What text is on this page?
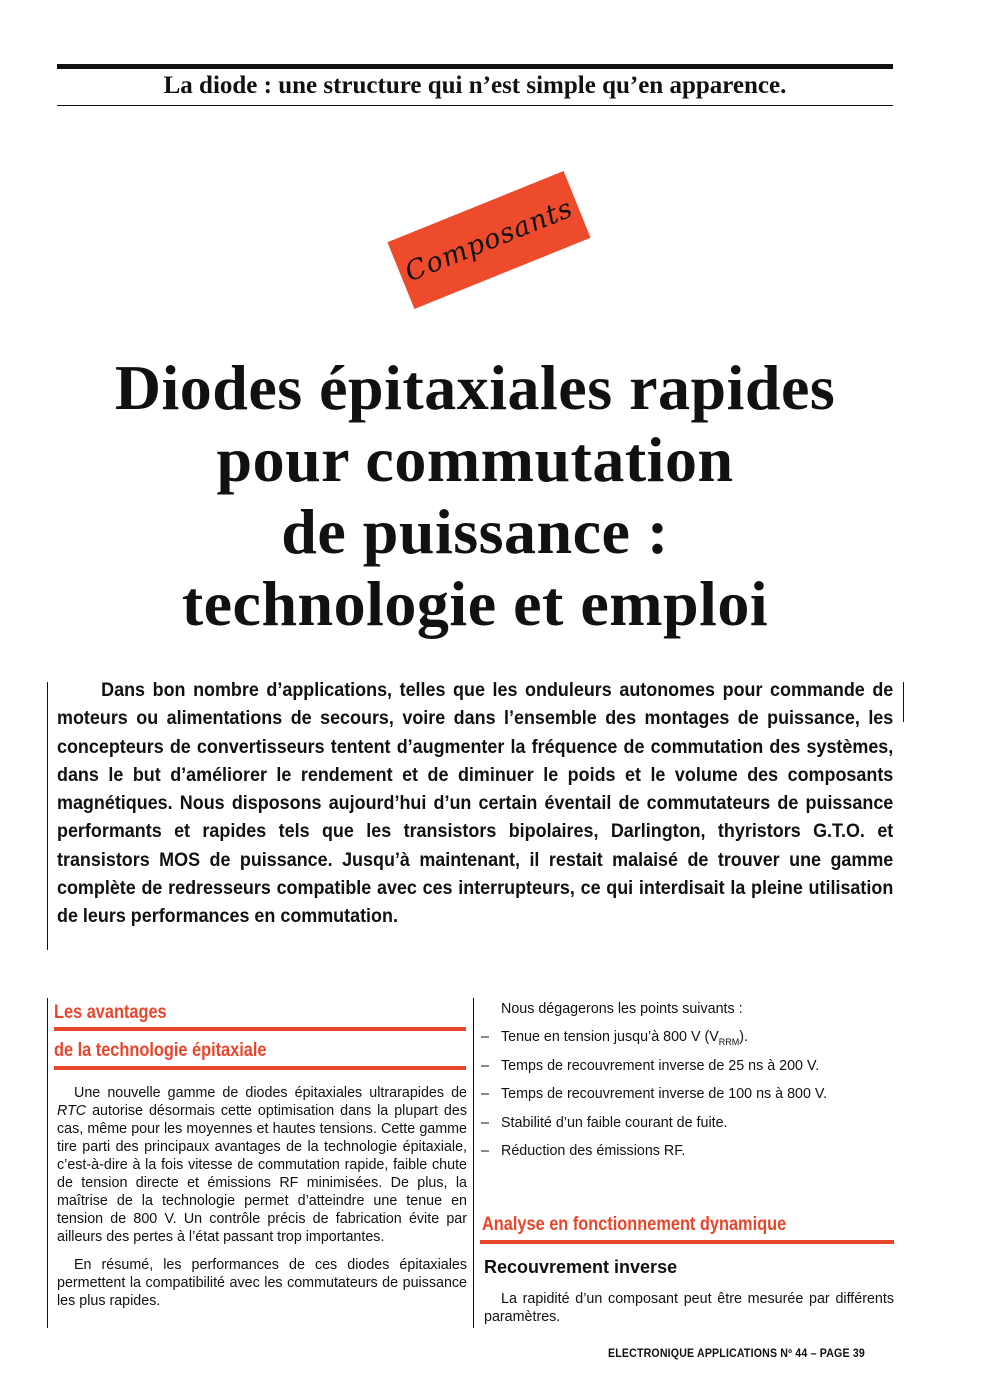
La diode : une structure qui n’est simple qu’en apparence.
Composants
Diodes épitaxiales rapides
pour commutation
de puissance :
technologie et emploi
Dans bon nombre d’applications, telles que les onduleurs autonomes pour commande de moteurs ou alimentations de secours, voire dans l’ensemble des montages de puissance, les concepteurs de convertisseurs tentent d’augmenter la fréquence de commutation des systèmes, dans le but d’améliorer le rendement et de diminuer le poids et le volume des composants magnétiques. Nous disposons aujourd’hui d’un certain éventail de commutateurs de puissance performants et rapides tels que les transistors bipolaires, Darlington, thyristors G.T.O. et transistors MOS de puissance. Jusqu’à maintenant, il restait malaisé de trouver une gamme complète de redresseurs compatible avec ces interrupteurs, ce qui interdisait la pleine utilisation de leurs performances en commutation.
Les avantages
de la technologie épitaxiale

Une nouvelle gamme de diodes épitaxiales ultrarapides de RTC autorise désormais cette optimisation dans la plupart des cas, même pour les moyennes et hautes tensions. Cette gamme tire parti des principaux avantages de la technologie épitaxiale, c’est-à-dire à la fois vitesse de commutation rapide, faible chute de tension directe et émissions RF minimisées. De plus, la maîtrise de la technologie permet d’atteindre une tenue en tension de 800 V. Un contrôle précis de fabrication évite par ailleurs des pertes à l’état passant trop importantes.

En résumé, les performances de ces diodes épitaxiales permettent la compatibilité avec les commutateurs de puissance les plus rapides.

Nous dégagerons les points suivants :
– Tenue en tension jusqu’à 800 V $(V_{RRM})$.
– Temps de recouvrement inverse de 25 ns à 200 V.
– Temps de recouvrement inverse de 100 ns à 800 V.
– Stabilité d’un faible courant de fuite.
– Réduction des émissions RF.
Analyse en fonctionnement dynamique
Recouvrement inverse

La rapidité d’un composant peut être mesurée par différents paramètres.

ELECTRONIQUE APPLICATIONS Nº 44 – PAGE 39
